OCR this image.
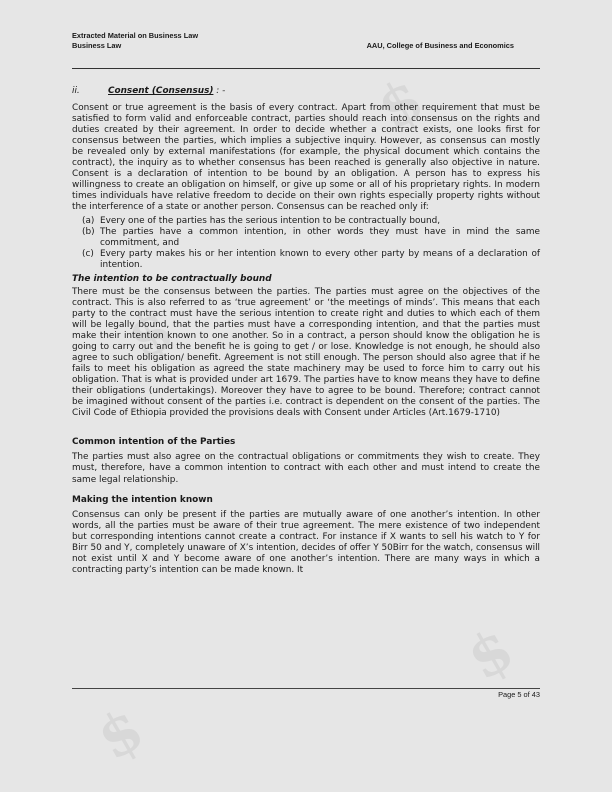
$
$
$
$
Extracted Material on Business Law
Business Law	AAU, College of Business and Economics
ii.	Consent (Consensus) : -

Consent or true agreement is the basis of every contract. Apart from other requirement that must be satisfied to form valid and enforceable contract, parties should reach into consensus on the rights and duties created by their agreement. In order to decide whether a contract exists, one looks first for consensus between the parties, which implies a subjective inquiry. However, as consensus can mostly be revealed only by external manifestations (for example, the physical document which contains the contract), the inquiry as to whether consensus has been reached is generally also objective in nature. Consent is a declaration of intention to be bound by an obligation. A person has to express his willingness to create an obligation on himself, or give up some or all of his proprietary rights. In modern times individuals have relative freedom to decide on their own rights especially property rights without the interference of a state or another person. Consensus can be reached only if:

(a) Every one of the parties has the serious intention to be contractually bound,
(b) The parties have a common intention, in other words they must have in mind the same commitment, and
(c) Every party makes his or her intention known to every other party by means of a declaration of intention.
The intention to be contractually bound

There must be the consensus between the parties. The parties must agree on the objectives of the contract. This is also referred to as ‘true agreement’ or ‘the meetings of minds’. This means that each party to the contract must have the serious intention to create right and duties to which each of them will be legally bound, that the parties must have a corresponding intention, and that the parties must make their intention known to one another. So in a contract, a person should know the obligation he is going to carry out and the benefit he is going to get / or lose. Knowledge is not enough, he should also agree to such obligation/ benefit. Agreement is not still enough. The person should also agree that if he fails to meet his obligation as agreed the state machinery may be used to force him to carry out his obligation. That is what is provided under art 1679. The parties have to know means they have to define their obligations (undertakings). Moreover they have to agree to be bound. Therefore; contract cannot be imagined without consent of the parties i.e. contract is dependent on the consent of the parties. The Civil Code of Ethiopia provided the provisions deals with Consent under Articles (Art.1679-1710)

Common intention of the Parties

The parties must also agree on the contractual obligations or commitments they wish to create. They must, therefore, have a common intention to contract with each other and must intend to create the same legal relationship.

Making the intention known

Consensus can only be present if the parties are mutually aware of one another’s intention. In other words, all the parties must be aware of their true agreement. The mere existence of two independent but corresponding intentions cannot create a contract. For instance if X wants to sell his watch to Y for Birr 50 and Y, completely unaware of X’s intention, decides of offer Y 50Birr for the watch, consensus will not exist until X and Y become aware of one another’s intention. There are many ways in which a contracting party’s intention can be made known. It

Page 5 of 43
